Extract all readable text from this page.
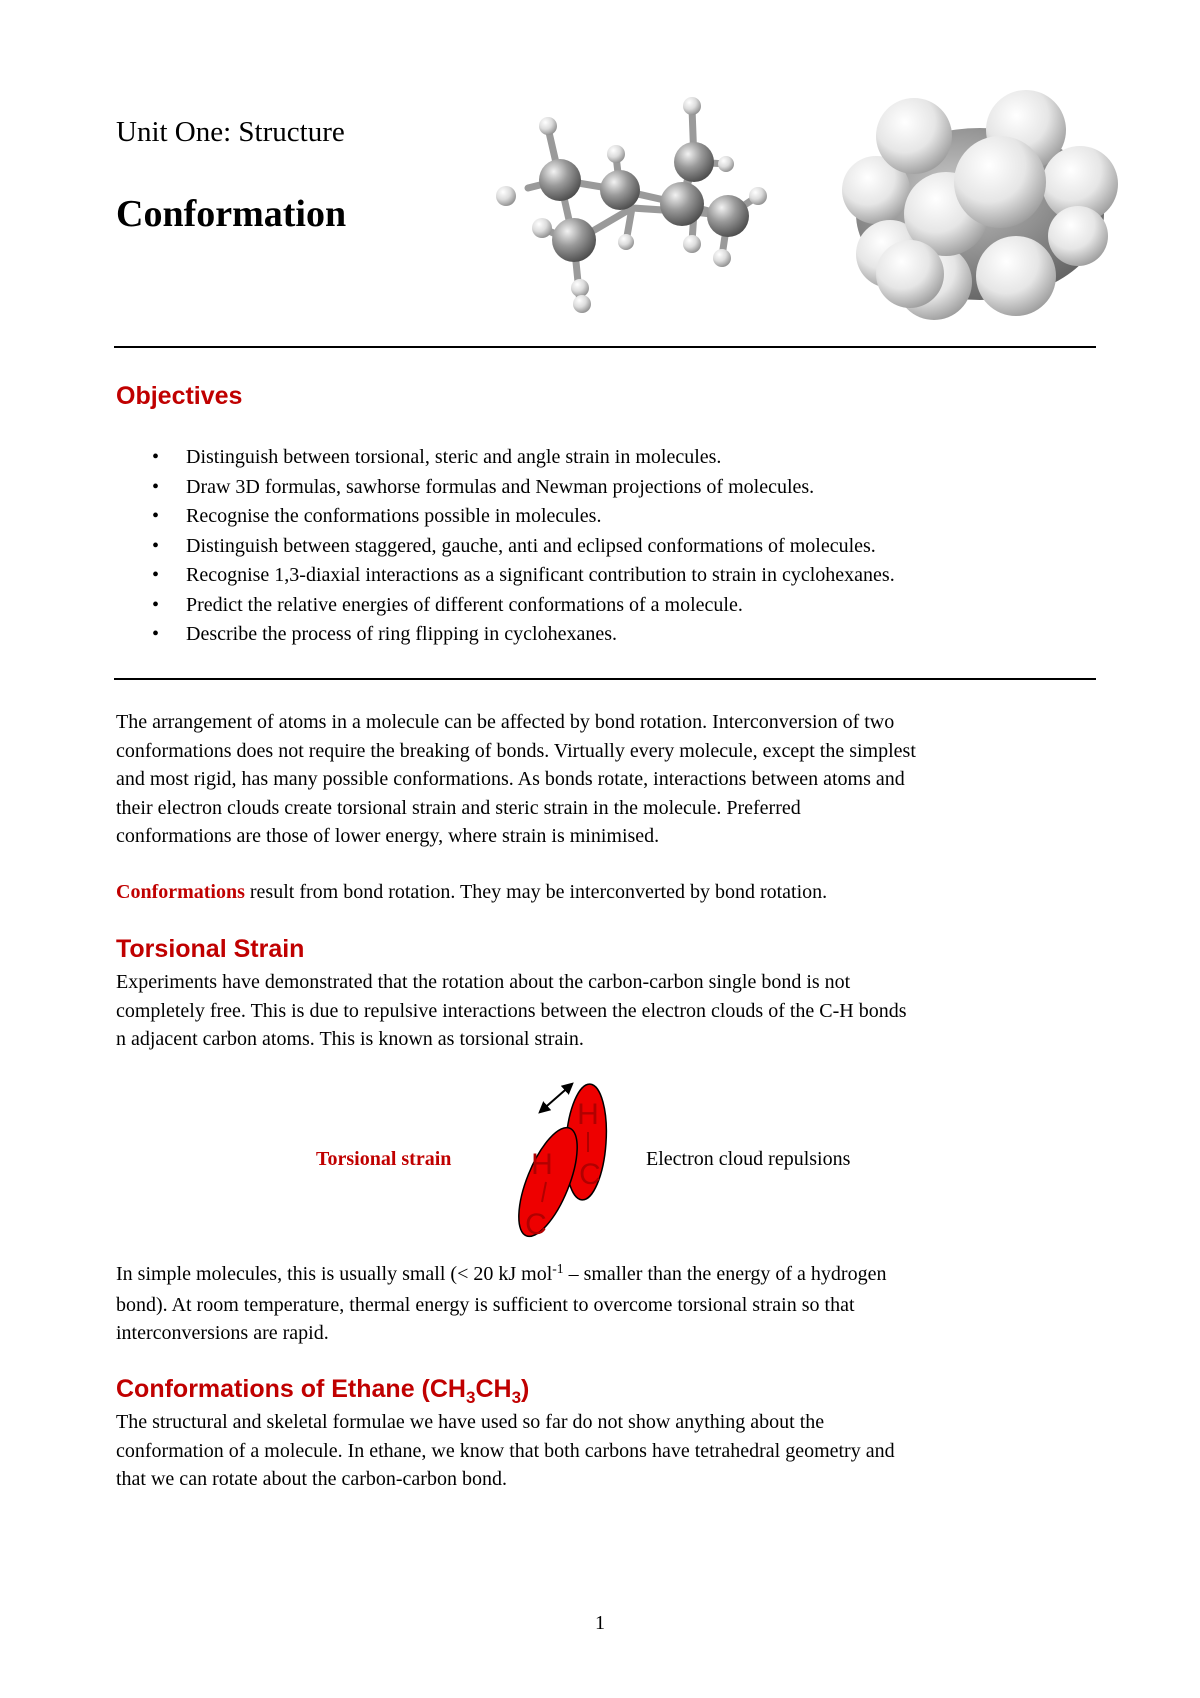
Unit One: Structure
Conformation
Objectives
• Distinguish between torsional, steric and angle strain in molecules.
• Draw 3D formulas, sawhorse formulas and Newman projections of molecules.
• Recognise the conformations possible in molecules.
• Distinguish between staggered, gauche, anti and eclipsed conformations of molecules.
• Recognise 1,3-diaxial interactions as a significant contribution to strain in cyclohexanes.
• Predict the relative energies of different conformations of a molecule.
• Describe the process of ring flipping in cyclohexanes.
The arrangement of atoms in a molecule can be affected by bond rotation. Interconversion of two
conformations does not require the breaking of bonds. Virtually every molecule, except the simplest
and most rigid, has many possible conformations. As bonds rotate, interactions between atoms and
their electron clouds create torsional strain and steric strain in the molecule. Preferred
conformations are those of lower energy, where strain is minimised.
Conformations result from bond rotation. They may be interconverted by bond rotation.
Torsional Strain
Experiments have demonstrated that the rotation about the carbon-carbon single bond is not
completely free. This is due to repulsive interactions between the electron clouds of the C-H bonds
n adjacent carbon atoms. This is known as torsional strain.
Torsional strain	Electron cloud repulsions
H
C
H
C
In simple molecules, this is usually small (< 20 kJ mol$^{-1}$ – smaller than the energy of a hydrogen
bond). At room temperature, thermal energy is sufficient to overcome torsional strain so that
interconversions are rapid.
Conformations of Ethane $(CH_3CH_3)$
The structural and skeletal formulae we have used so far do not show anything about the
conformation of a molecule. In ethane, we know that both carbons have tetrahedral geometry and
that we can rotate about the carbon-carbon bond.
1
